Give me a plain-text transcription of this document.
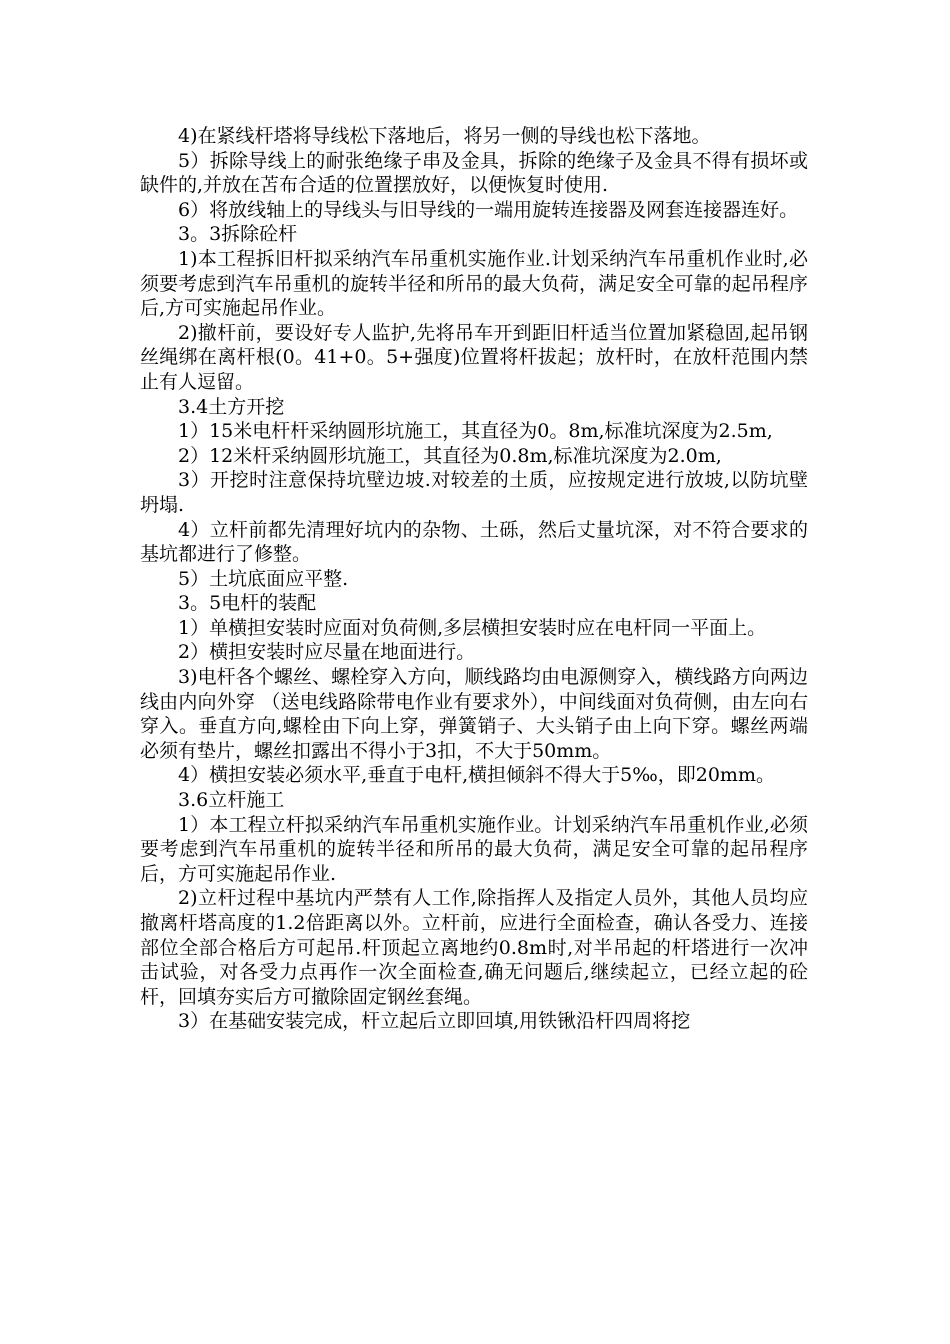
4)在紧线杆塔将导线松下落地后，将另一侧的导线也松下落地。

5）拆除导线上的耐张绝缘子串及金具，拆除的绝缘子及金具不得有损坏或缺件的,并放在苫布合适的位置摆放好，以便恢复时使用.

6）将放线轴上的导线头与旧导线的一端用旋转连接器及网套连接器连好。

3。3拆除砼杆

1)本工程拆旧杆拟采纳汽车吊重机实施作业.计划采纳汽车吊重机作业时,必须要考虑到汽车吊重机的旋转半径和所吊的最大负荷，满足安全可靠的起吊程序后,方可实施起吊作业。

2)撤杆前，要设好专人监护,先将吊车开到距旧杆适当位置加紧稳固,起吊钢丝绳绑在离杆根(0。41+0。5+强度)位置将杆拔起；放杆时，在放杆范围内禁止有人逗留。

3.4土方开挖

1）15米电杆杆采纳圆形坑施工，其直径为0。8m,标准坑深度为2.5m,

2）12米杆采纳圆形坑施工，其直径为0.8m,标准坑深度为2.0m,

3）开挖时注意保持坑壁边坡.对较差的土质，应按规定进行放坡,以防坑壁坍塌.

4）立杆前都先清理好坑内的杂物、土砾，然后丈量坑深，对不符合要求的基坑都进行了修整。

5）土坑底面应平整.

3。5电杆的装配

1）单横担安装时应面对负荷侧,多层横担安装时应在电杆同一平面上。

2）横担安装时应尽量在地面进行。

3)电杆各个螺丝、螺栓穿入方向，顺线路均由电源侧穿入，横线路方向两边线由内向外穿 （送电线路除带电作业有要求外），中间线面对负荷侧，由左向右穿入。垂直方向,螺栓由下向上穿，弹簧销子、大头销子由上向下穿。螺丝两端必须有垫片，螺丝扣露出不得小于3扣，不大于50mm。

4）横担安装必须水平,垂直于电杆,横担倾斜不得大于5‰，即20mm。

3.6立杆施工

1）本工程立杆拟采纳汽车吊重机实施作业。计划采纳汽车吊重机作业,必须要考虑到汽车吊重机的旋转半径和所吊的最大负荷，满足安全可靠的起吊程序后，方可实施起吊作业.

2)立杆过程中基坑内严禁有人工作,除指挥人及指定人员外，其他人员均应撤离杆塔高度的1.2倍距离以外。立杆前，应进行全面检查，确认各受力、连接部位全部合格后方可起吊.杆顶起立离地约0.8m时,对半吊起的杆塔进行一次冲击试验，对各受力点再作一次全面检查,确无问题后,继续起立，已经立起的砼杆，回填夯实后方可撤除固定钢丝套绳。

3）在基础安装完成，杆立起后立即回填,用铁锹沿杆四周将挖
